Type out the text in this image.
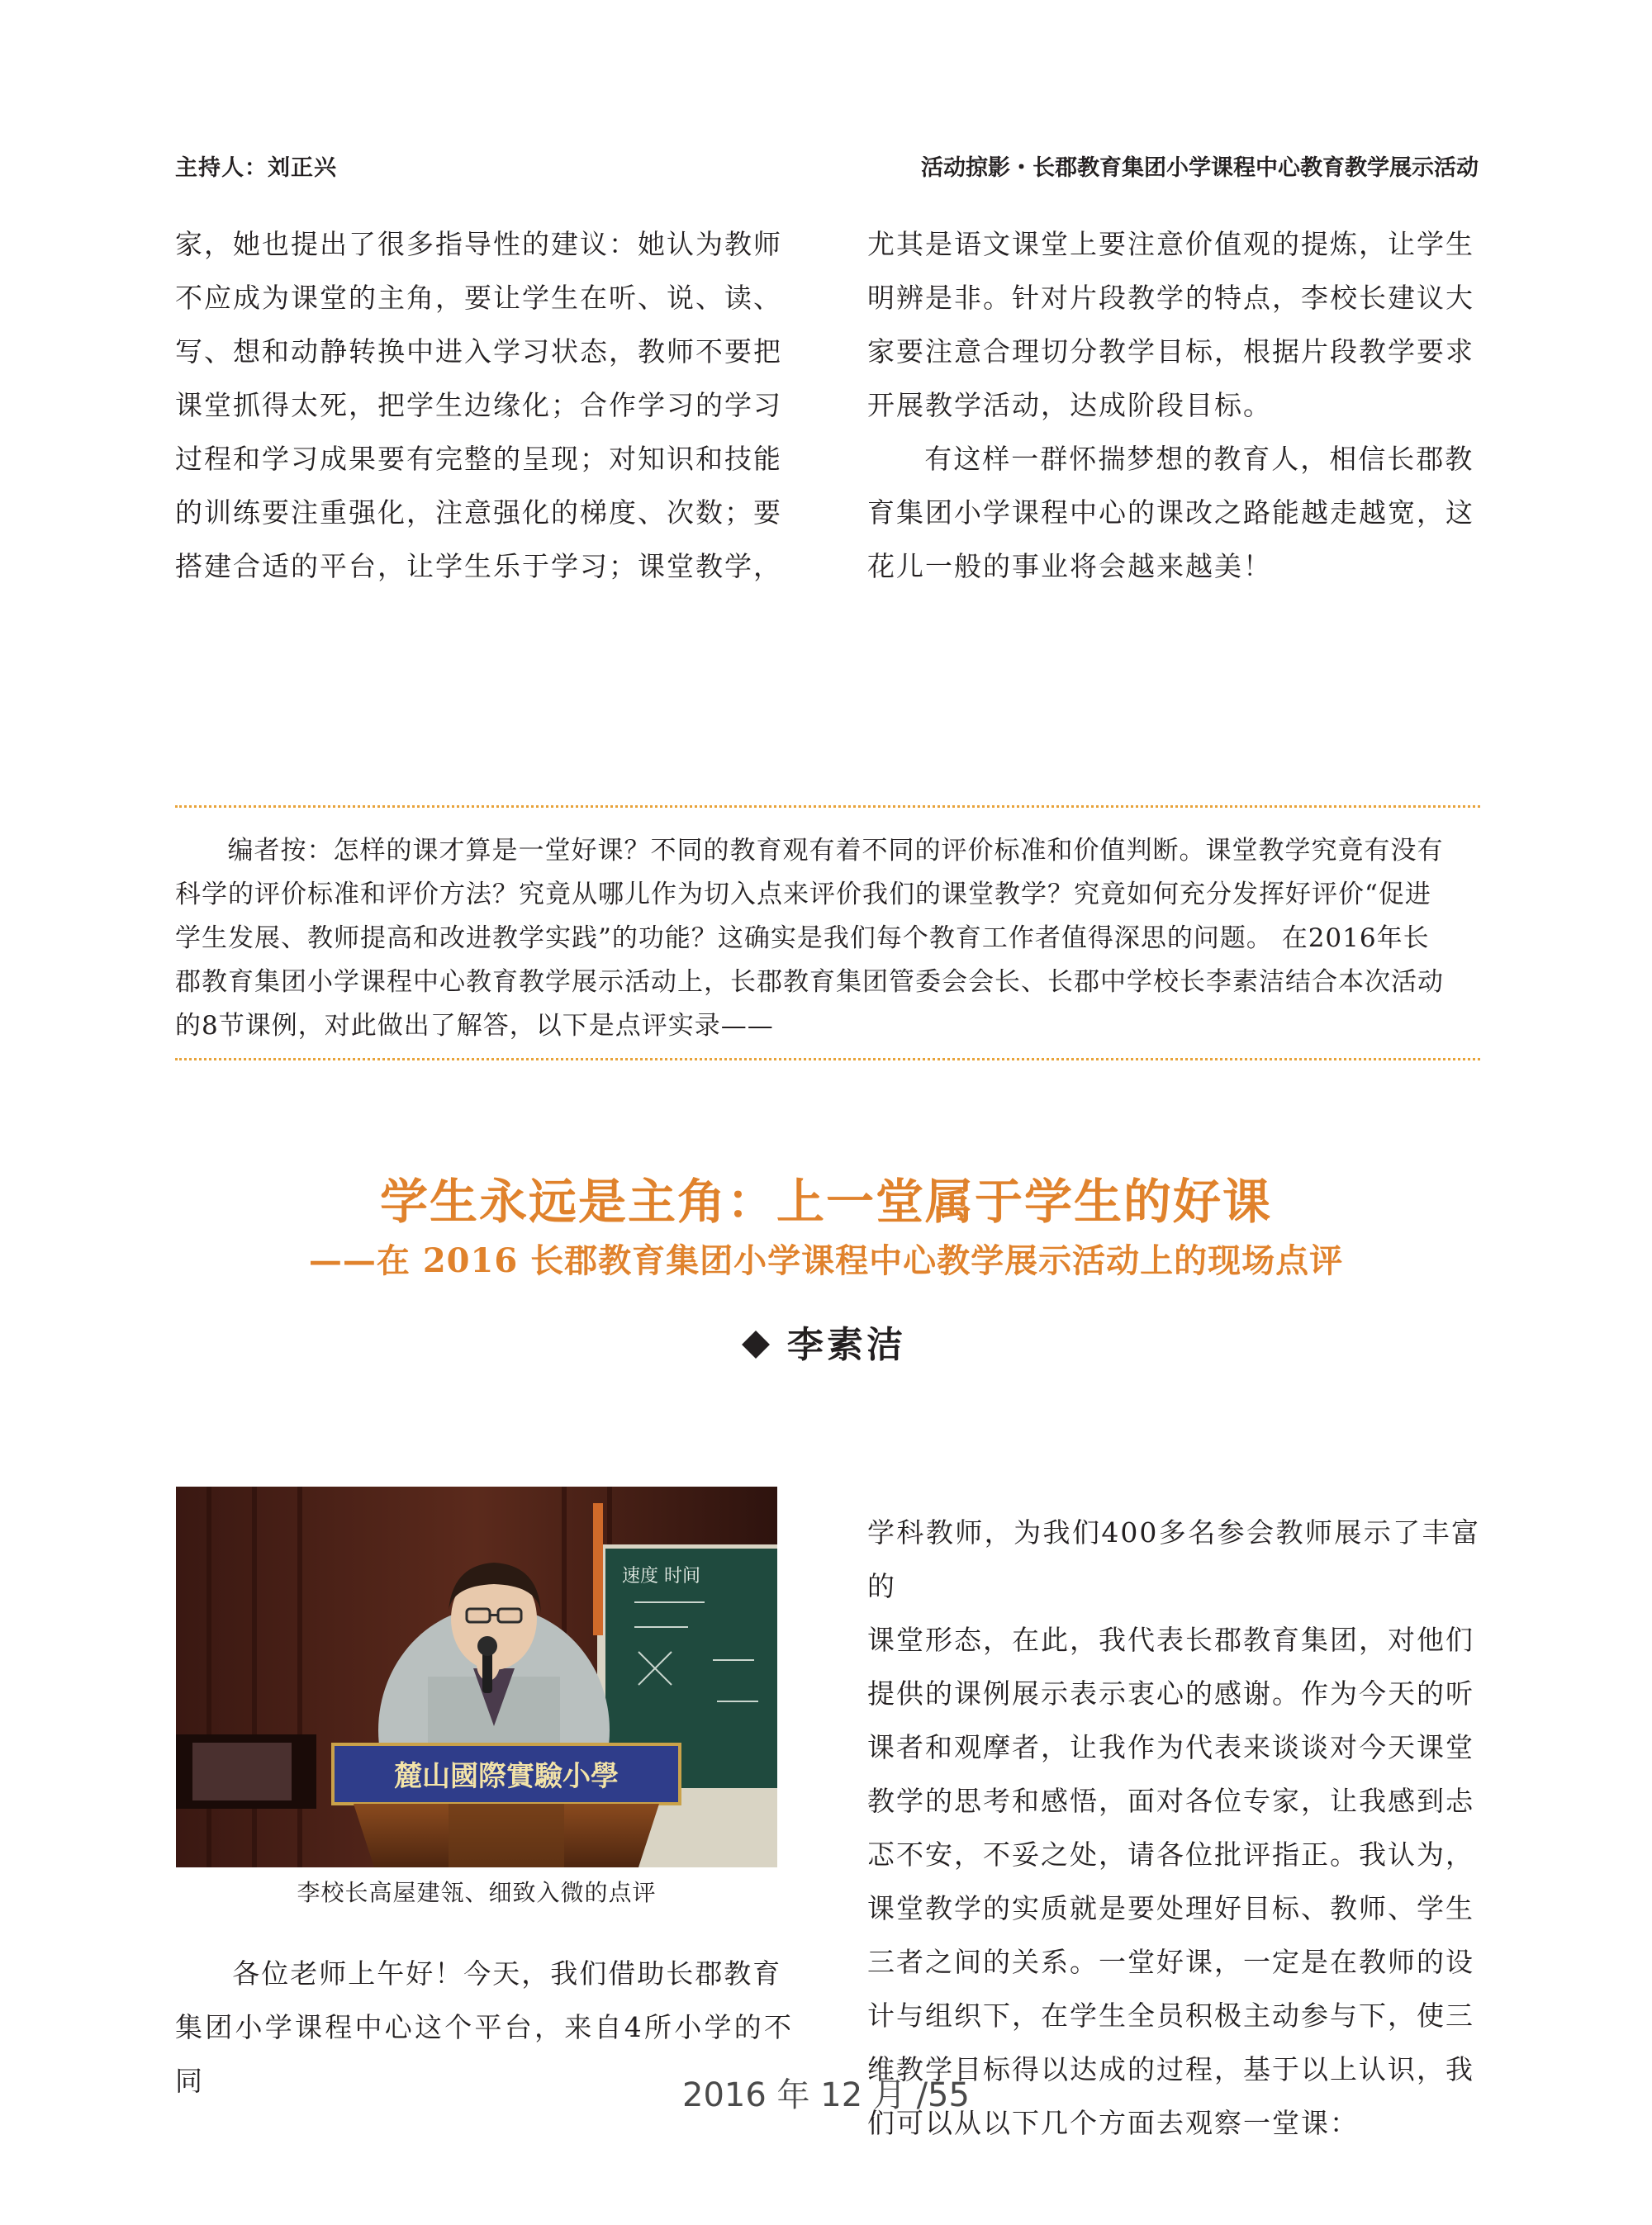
主持人：刘正兴	活动掠影・长郡教育集团小学课程中心教育教学展示活动
家，她也提出了很多指导性的建议：她认为教师
不应成为课堂的主角，要让学生在听、说、读、
写、想和动静转换中进入学习状态，教师不要把
课堂抓得太死，把学生边缘化；合作学习的学习
过程和学习成果要有完整的呈现；对知识和技能
的训练要注重强化，注意强化的梯度、次数；要
搭建合适的平台，让学生乐于学习；课堂教学，
尤其是语文课堂上要注意价值观的提炼，让学生
明辨是非。针对片段教学的特点，李校长建议大
家要注意合理切分教学目标，根据片段教学要求
开展教学活动，达成阶段目标。
有这样一群怀揣梦想的教育人，相信长郡教
育集团小学课程中心的课改之路能越走越宽，这
花儿一般的事业将会越来越美！
编者按：怎样的课才算是一堂好课？不同的教育观有着不同的评价标准和价值判断。课堂教学究竟有没有
科学的评价标准和评价方法？究竟从哪儿作为切入点来评价我们的课堂教学？究竟如何充分发挥好评价“促进
学生发展、教师提高和改进教学实践”的功能？这确实是我们每个教育工作者值得深思的问题。 在2016年长
郡教育集团小学课程中心教育教学展示活动上，长郡教育集团管委会会长、长郡中学校长李素洁结合本次活动
的8节课例，对此做出了解答，以下是点评实录——
学生永远是主角：上一堂属于学生的好课
——在 2016 长郡教育集团小学课程中心教学展示活动上的现场点评
李素洁
速度 时间
麓山國際實驗小學
李校长高屋建瓴、细致入微的点评
各位老师上午好！今天，我们借助长郡教育
集团小学课程中心这个平台，来自4所小学的不同
学科教师，为我们400多名参会教师展示了丰富的
课堂形态，在此，我代表长郡教育集团，对他们
提供的课例展示表示衷心的感谢。作为今天的听
课者和观摩者，让我作为代表来谈谈对今天课堂
教学的思考和感悟，面对各位专家，让我感到忐
忑不安，不妥之处，请各位批评指正。我认为，
课堂教学的实质就是要处理好目标、教师、学生
三者之间的关系。一堂好课，一定是在教师的设
计与组织下，在学生全员积极主动参与下，使三
维教学目标得以达成的过程，基于以上认识，我
们可以从以下几个方面去观察一堂课：
2016 年 12 月 /55
